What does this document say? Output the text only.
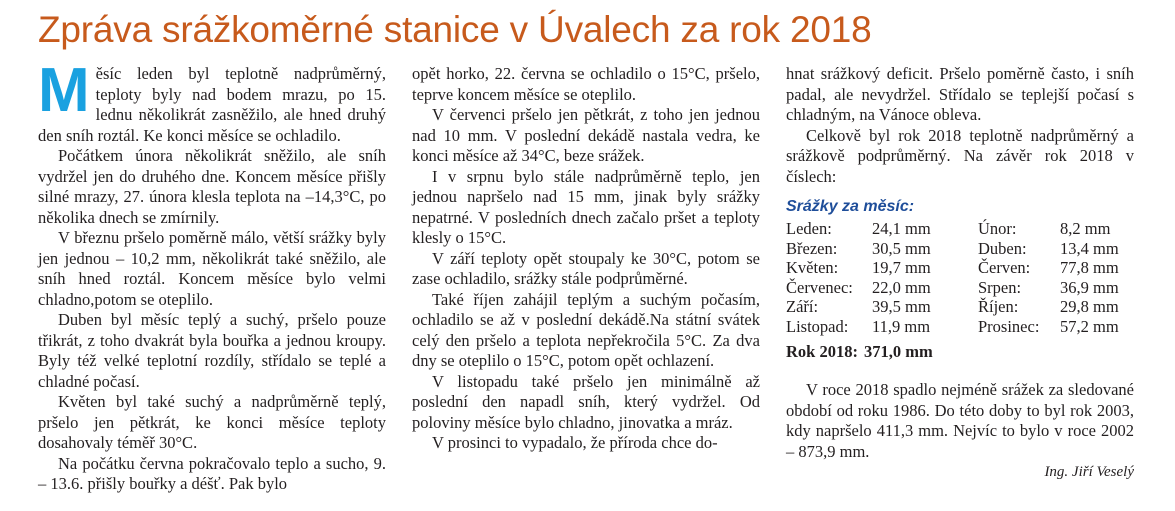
Zpráva srážkoměrné stanice v Úvalech za rok 2018

Měsíc leden byl teplotně nadprůměrný, teploty byly nad bodem mrazu, po 15. lednu několikrát zasněžilo, ale hned druhý den sníh roztál. Ke konci měsíce se ochladilo.

Počátkem února několikrát sněžilo, ale sníh vydržel jen do druhého dne. Koncem měsíce přišly silné mrazy, 27. února klesla teplota na –14,3°C, po několika dnech se zmírnily.

V březnu pršelo poměrně málo, větší srážky byly jen jednou – 10,2 mm, několikrát také sněžilo, ale sníh hned roztál. Koncem měsíce bylo velmi chladno,potom se oteplilo.

Duben byl měsíc teplý a suchý, pršelo pouze třikrát, z toho dvakrát byla bouřka a jednou kroupy. Byly též velké teplotní rozdíly, střídalo se teplé a chladné počasí.

Květen byl také suchý a nadprůměrně teplý, pršelo jen pětkrát, ke konci měsíce teploty dosahovaly téměř 30°C.

Na počátku června pokračovalo teplo a sucho, 9. – 13.6. přišly bouřky a déšť. Pak bylo

opět horko, 22. června se ochladilo o 15°C, pršelo, teprve koncem měsíce se oteplilo.

V červenci pršelo jen pětkrát, z toho jen jednou nad 10 mm. V poslední dekádě nastala vedra, ke konci měsíce až 34°C, beze srážek.

I v srpnu bylo stále nadprůměrně teplo, jen jednou napršelo nad 15 mm, jinak byly srážky nepatrné. V posledních dnech začalo pršet a teploty klesly o 15°C.

V září teploty opět stoupaly ke 30°C, potom se zase ochladilo, srážky stále podprůměrné.

Také říjen zahájil teplým a suchým počasím, ochladilo se až v poslední dekádě.Na státní svátek celý den pršelo a teplota nepřekročila 5°C. Za dva dny se oteplilo o 15°C, potom opět ochlazení.

V listopadu také pršelo jen minimálně až poslední den napadl sníh, který vydržel. Od poloviny měsíce bylo chladno, jinovatka a mráz.

V prosinci to vypadalo, že příroda chce do-

hnat srážkový deficit. Pršelo poměrně často, i sníh padal, ale nevydržel. Střídalo se teplejší počasí s chladným, na Vánoce obleva.

Celkově byl rok 2018 teplotně nadprůměrný a srážkově podprůměrný. Na závěr rok 2018 v číslech:

Srážky za měsíc:
Leden:	24,1 mm	Únor:	8,2 mm
Březen:	30,5 mm	Duben:	13,4 mm
Květen:	19,7 mm	Červen:	77,8 mm
Červenec:	22,0 mm	Srpen:	36,9 mm
Září:	39,5 mm	Říjen:	29,8 mm
Listopad:	11,9 mm	Prosinec:	57,2 mm
Rok 2018: 371,0 mm

V roce 2018 spadlo nejméně srážek za sledované období od roku 1986. Do této doby to byl rok 2003, kdy napršelo 411,3 mm. Nejvíc to bylo v roce 2002 – 873,9 mm.

Ing. Jiří Veselý
